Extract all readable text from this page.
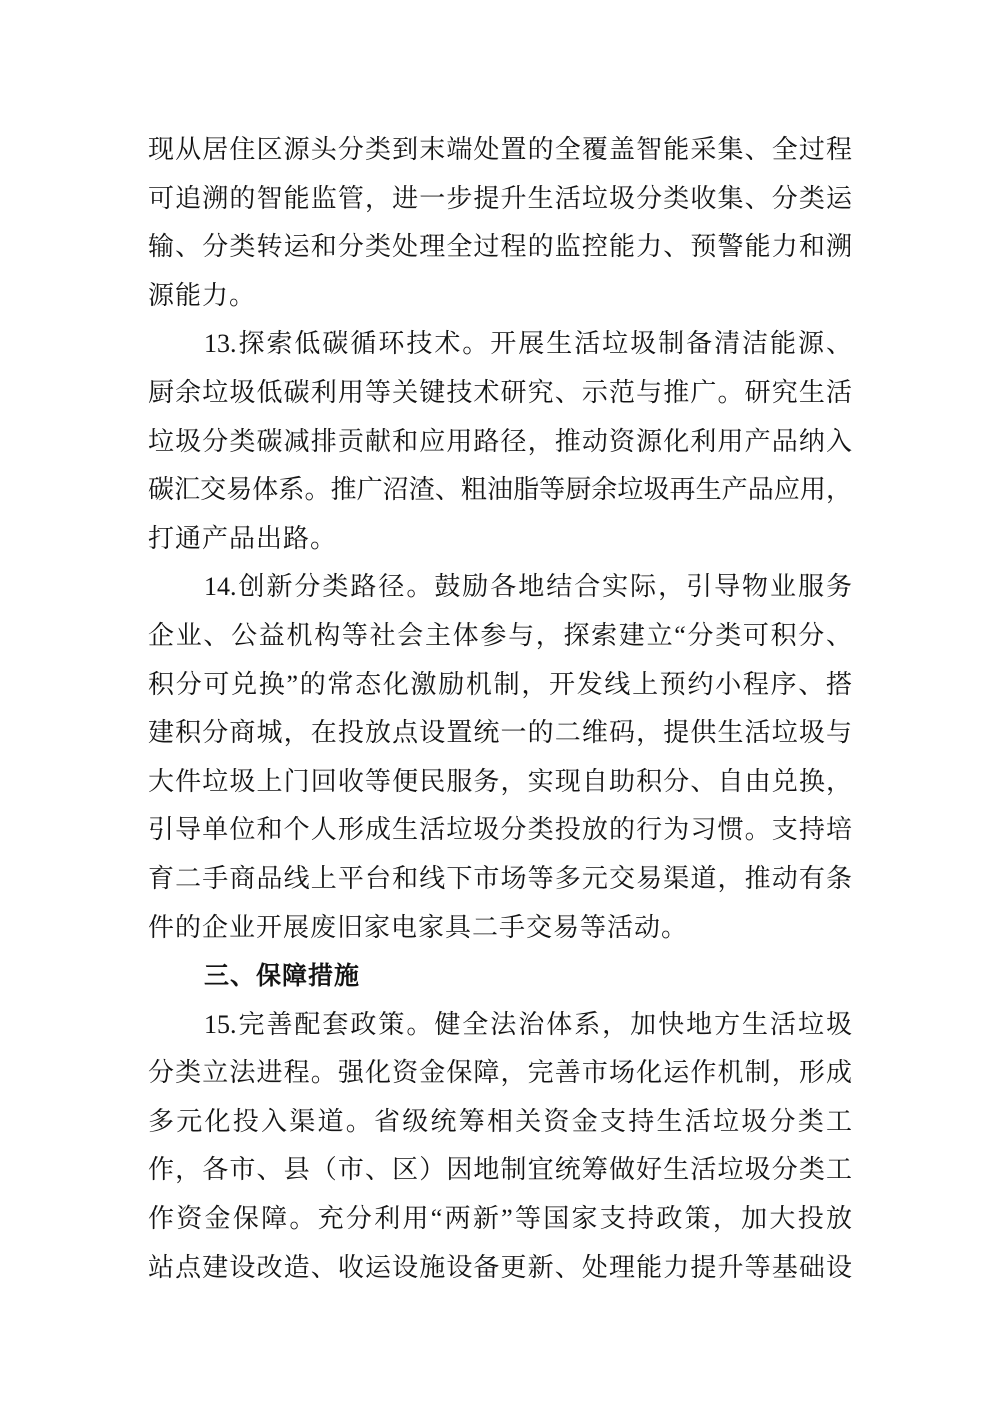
现从居住区源头分类到末端处置的全覆盖智能采集、全过程
可追溯的智能监管，进一步提升生活垃圾分类收集、分类运
输、分类转运和分类处理全过程的监控能力、预警能力和溯
源能力。
13.探索低碳循环技术。开展生活垃圾制备清洁能源、
厨余垃圾低碳利用等关键技术研究、示范与推广。研究生活
垃圾分类碳减排贡献和应用路径，推动资源化利用产品纳入
碳汇交易体系。推广沼渣、粗油脂等厨余垃圾再生产品应用，
打通产品出路。
14.创新分类路径。鼓励各地结合实际，引导物业服务
企业、公益机构等社会主体参与，探索建立“分类可积分、
积分可兑换”的常态化激励机制，开发线上预约小程序、搭
建积分商城，在投放点设置统一的二维码，提供生活垃圾与
大件垃圾上门回收等便民服务，实现自助积分、自由兑换，
引导单位和个人形成生活垃圾分类投放的行为习惯。支持培
育二手商品线上平台和线下市场等多元交易渠道，推动有条
件的企业开展废旧家电家具二手交易等活动。
三、保障措施
15.完善配套政策。健全法治体系，加快地方生活垃圾
分类立法进程。强化资金保障，完善市场化运作机制，形成
多元化投入渠道。省级统筹相关资金支持生活垃圾分类工
作，各市、县（市、区）因地制宜统筹做好生活垃圾分类工
作资金保障。充分利用“两新”等国家支持政策，加大投放
站点建设改造、收运设施设备更新、处理能力提升等基础设
